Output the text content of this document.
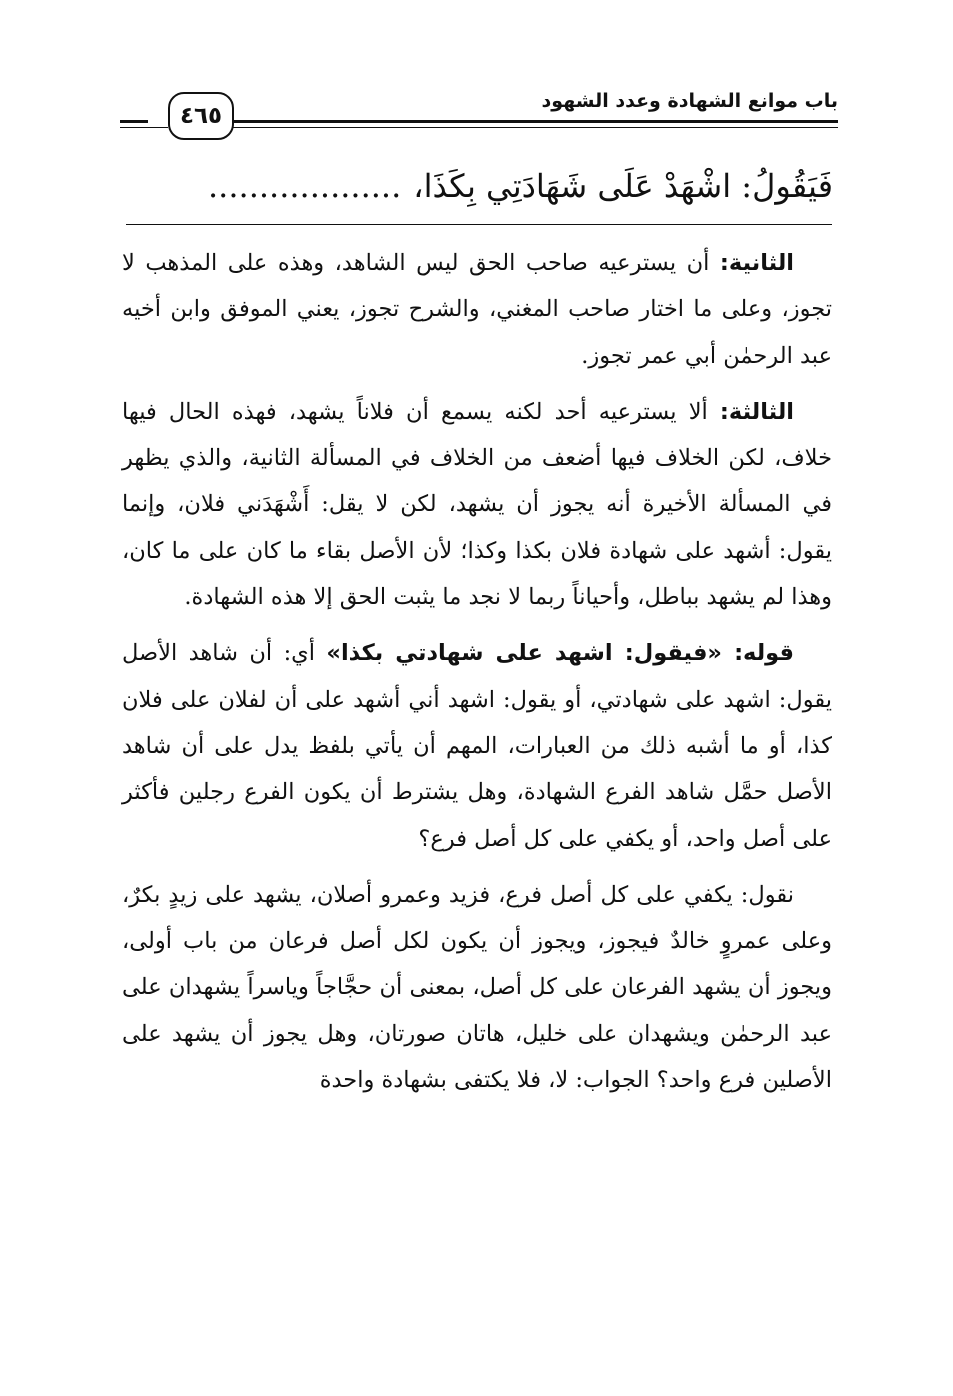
باب موانع الشهادة وعدد الشهود
٤٦٥
فَيَقُولُ: اشْهَدْ عَلَى شَهَادَتِي بِكَذَا،...................

الثانية: أن يسترعيه صاحب الحق ليس الشاهد، وهذه على المذهب لا تجوز، وعلى ما اختار صاحب المغني، والشرح تجوز، يعني الموفق وابن أخيه عبد الرحمٰن أبي عمر تجوز.

الثالثة: ألا يسترعيه أحد لكنه يسمع أن فلاناً يشهد، فهذه الحال فيها خلاف، لكن الخلاف فيها أضعف من الخلاف في المسألة الثانية، والذي يظهر في المسألة الأخيرة أنه يجوز أن يشهد، لكن لا يقل: أَشْهَدَني فلان، وإنما يقول: أشهد على شهادة فلان بكذا وكذا؛ لأن الأصل بقاء ما كان على ما كان، وهذا لم يشهد بباطل، وأحياناً ربما لا نجد ما يثبت الحق إلا هذه الشهادة.

قوله: «فيقول: اشهد على شهادتي بكذا» أي: أن شاهد الأصل يقول: اشهد على شهادتي، أو يقول: اشهد أني أشهد على أن لفلان على فلان كذا، أو ما أشبه ذلك من العبارات، المهم أن يأتي بلفظ يدل على أن شاهد الأصل حمَّل شاهد الفرع الشهادة، وهل يشترط أن يكون الفرع رجلين فأكثر على أصل واحد، أو يكفي على كل أصل فرع؟

نقول: يكفي على كل أصل فرع، فزيد وعمرو أصلان، يشهد على زيدٍ بكرٌ، وعلى عمروٍ خالدٌ فيجوز، ويجوز أن يكون لكل أصل فرعان من باب أولى، ويجوز أن يشهد الفرعان على كل أصل، بمعنى أن حجَّاجاً وياسراً يشهدان على عبد الرحمٰن ويشهدان على خليل، هاتان صورتان، وهل يجوز أن يشهد على الأصلين فرع واحد؟ الجواب: لا، فلا يكتفى بشهادة واحدة
